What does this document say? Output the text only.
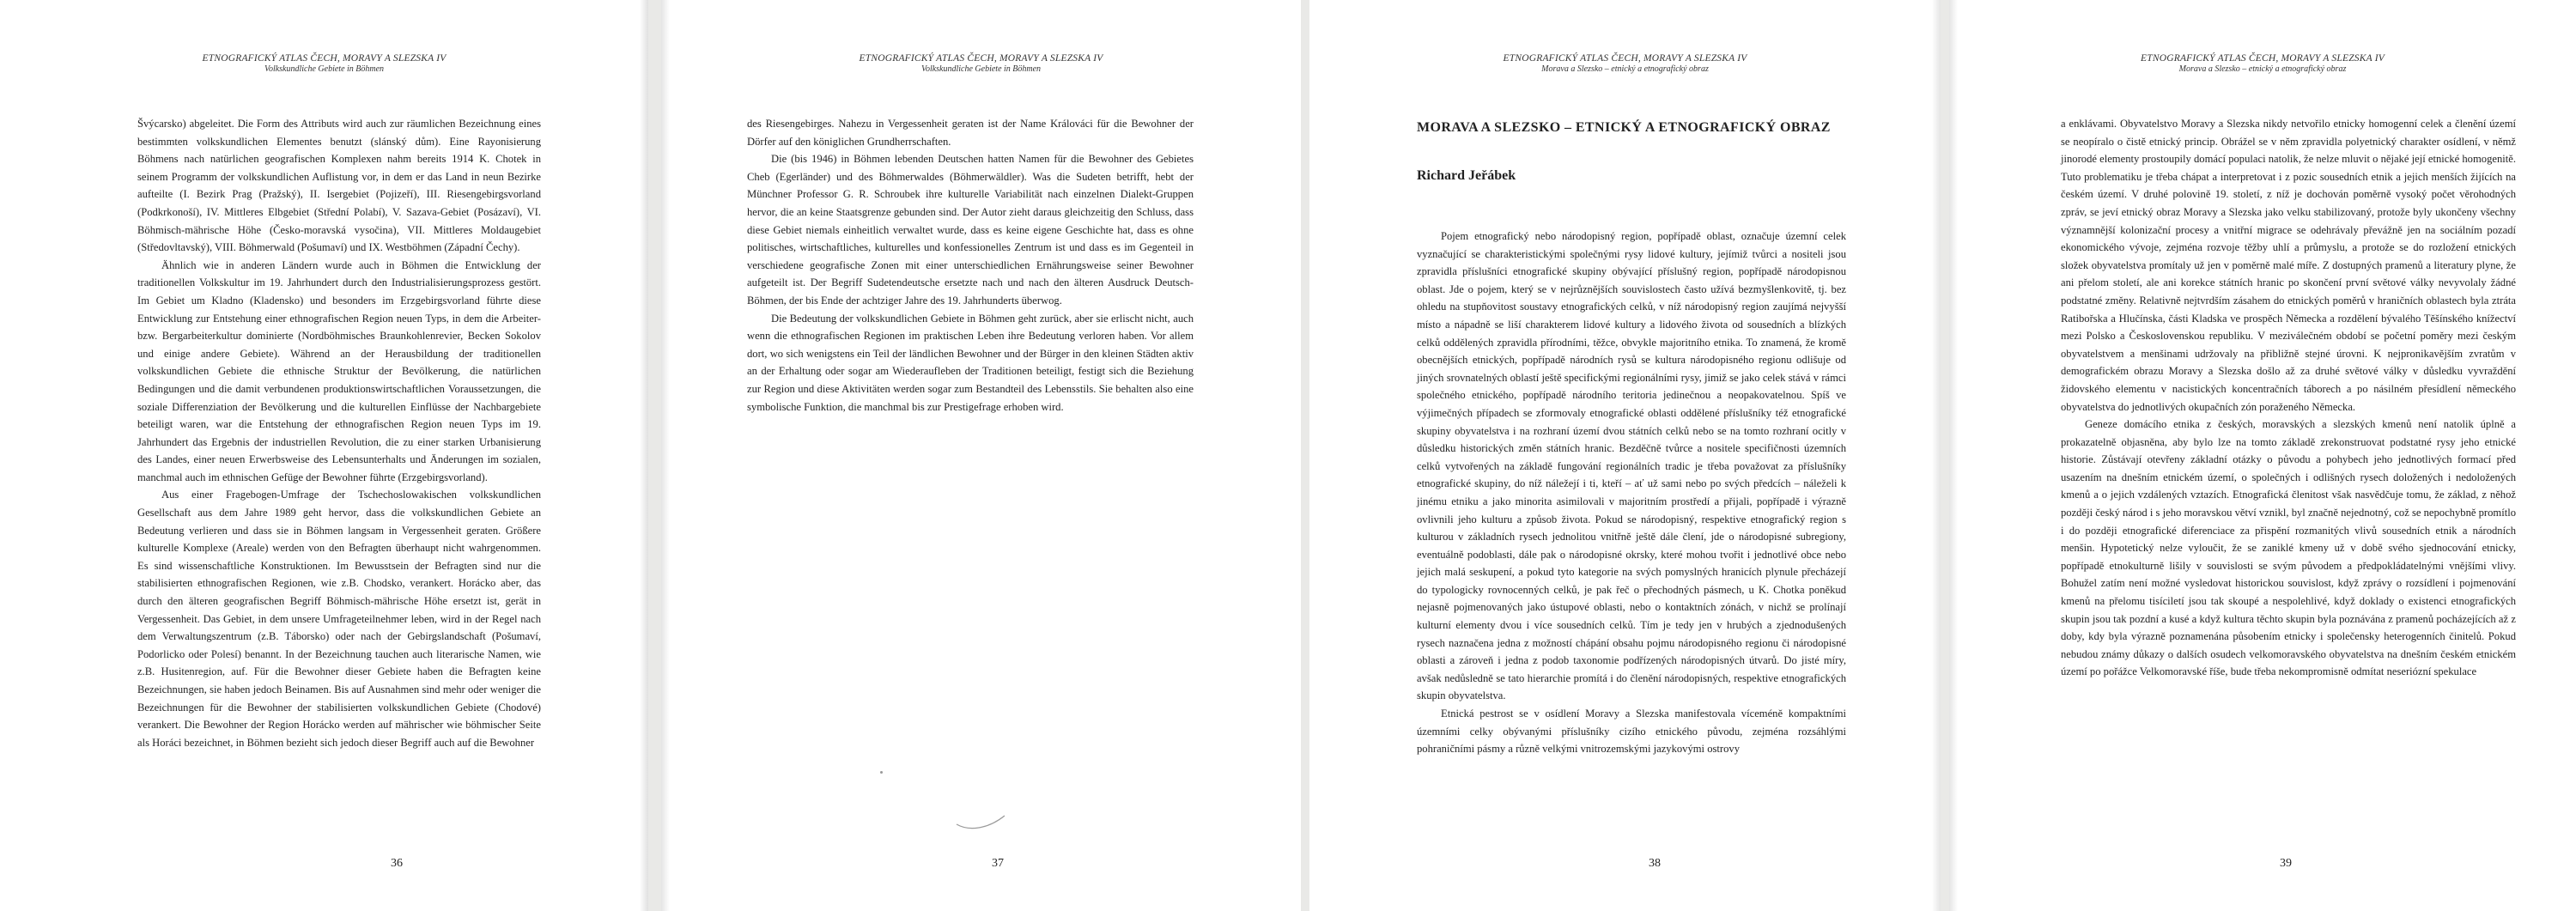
ETNOGRAFICKÝ ATLAS ČECH, MORAVY A SLEZSKA IV
Volkskundliche Gebiete in Böhmen

Švýcarsko) abgeleitet. Die Form des Attributs wird auch zur räumlichen Bezeichnung eines bestimmten volkskundlichen Elementes benutzt (slánský dům). Eine Rayonisierung Böhmens nach natürlichen geografischen Komplexen nahm bereits 1914 K. Chotek in seinem Programm der volkskundlichen Auflistung vor, in dem er das Land in neun Bezirke aufteilte (I. Bezirk Prag (Pražský), II. Isergebiet (Pojizeří), III. Riesengebirgsvorland (Podkrkonoší), IV. Mittleres Elbgebiet (Střední Polabí), V. Sazava-Gebiet (Posázaví), VI. Böhmisch-mährische Höhe (Česko-moravská vysočina), VII. Mittleres Moldaugebiet (Středovltavský), VIII. Böhmerwald (Pošumaví) und IX. Westböhmen (Západní Čechy).

Ähnlich wie in anderen Ländern wurde auch in Böhmen die Entwicklung der traditionellen Volkskultur im 19. Jahrhundert durch den Industrialisierungsprozess gestört. Im Gebiet um Kladno (Kladensko) und besonders im Erzgebirgsvorland führte diese Entwicklung zur Entstehung einer ethnografischen Region neuen Typs, in dem die Arbeiter- bzw. Bergarbeiterkultur dominierte (Nordböhmisches Braunkohlenrevier, Becken Sokolov und einige andere Gebiete). Während an der Herausbildung der traditionellen volkskundlichen Gebiete die ethnische Struktur der Bevölkerung, die natürlichen Bedingungen und die damit verbundenen produktionswirtschaftlichen Voraussetzungen, die soziale Differenziation der Bevölkerung und die kulturellen Einflüsse der Nachbargebiete beteiligt waren, war die Entstehung der ethnografischen Region neuen Typs im 19. Jahrhundert das Ergebnis der industriellen Revolution, die zu einer starken Urbanisierung des Landes, einer neuen Erwerbsweise des Lebensunterhalts und Änderungen im sozialen, manchmal auch im ethnischen Gefüge der Bewohner führte (Erzgebirgsvorland).

Aus einer Fragebogen-Umfrage der Tschechoslowakischen volkskundlichen Gesellschaft aus dem Jahre 1989 geht hervor, dass die volkskundlichen Gebiete an Bedeutung verlieren und dass sie in Böhmen langsam in Vergessenheit geraten. Größere kulturelle Komplexe (Areale) werden von den Befragten überhaupt nicht wahrgenommen. Es sind wissenschaftliche Konstruktionen. Im Bewusstsein der Befragten sind nur die stabilisierten ethnografischen Regionen, wie z.B. Chodsko, verankert. Horácko aber, das durch den älteren geografischen Begriff Böhmisch-mährische Höhe ersetzt ist, gerät in Vergessenheit. Das Gebiet, in dem unsere Umfrageteilnehmer leben, wird in der Regel nach dem Verwaltungszentrum (z.B. Táborsko) oder nach der Gebirgslandschaft (Pošumaví, Podorlicko oder Polesí) benannt. In der Bezeichnung tauchen auch literarische Namen, wie z.B. Husitenregion, auf. Für die Bewohner dieser Gebiete haben die Befragten keine Bezeichnungen, sie haben jedoch Beinamen. Bis auf Ausnahmen sind mehr oder weniger die Bezeichnungen für die Bewohner der stabilisierten volkskundlichen Gebiete (Chodové) verankert. Die Bewohner der Region Horácko werden auf mährischer wie böhmischer Seite als Horáci bezeichnet, in Böhmen bezieht sich jedoch dieser Begriff auch auf die Bewohner

36
ETNOGRAFICKÝ ATLAS ČECH, MORAVY A SLEZSKA IV
Volkskundliche Gebiete in Böhmen

des Riesengebirges. Nahezu in Vergessenheit geraten ist der Name Králováci für die Bewohner der Dörfer auf den königlichen Grundherrschaften.

Die (bis 1946) in Böhmen lebenden Deutschen hatten Namen für die Bewohner des Gebietes Cheb (Egerländer) und des Böhmerwaldes (Böhmerwäldler). Was die Sudeten betrifft, hebt der Münchner Professor G. R. Schroubek ihre kulturelle Variabilität nach einzelnen Dialekt-Gruppen hervor, die an keine Staatsgrenze gebunden sind. Der Autor zieht daraus gleichzeitig den Schluss, dass diese Gebiet niemals einheitlich verwaltet wurde, dass es keine eigene Geschichte hat, dass es ohne politisches, wirtschaftliches, kulturelles und konfessionelles Zentrum ist und dass es im Gegenteil in verschiedene geografische Zonen mit einer unterschiedlichen Ernährungsweise seiner Bewohner aufgeteilt ist. Der Begriff Sudetendeutsche ersetzte nach und nach den älteren Ausdruck Deutsch-Böhmen, der bis Ende der achtziger Jahre des 19. Jahrhunderts überwog.

Die Bedeutung der volkskundlichen Gebiete in Böhmen geht zurück, aber sie erlischt nicht, auch wenn die ethnografischen Regionen im praktischen Leben ihre Bedeutung verloren haben. Vor allem dort, wo sich wenigstens ein Teil der ländlichen Bewohner und der Bürger in den kleinen Städten aktiv an der Erhaltung oder sogar am Wiederaufleben der Traditionen beteiligt, festigt sich die Beziehung zur Region und diese Aktivitäten werden sogar zum Bestandteil des Lebensstils. Sie behalten also eine symbolische Funktion, die manchmal bis zur Prestigefrage erhoben wird.

37
ETNOGRAFICKÝ ATLAS ČECH, MORAVY A SLEZSKA IV
Morava a Slezsko – etnický a etnografický obraz
MORAVA A SLEZSKO – ETNICKÝ A ETNOGRAFICKÝ OBRAZ
Richard Jeřábek

Pojem etnografický nebo národopisný region, popřípadě oblast, označuje územní celek vyznačující se charakteristickými společnými rysy lidové kultury, jejímiž tvůrci a nositeli jsou zpravidla příslušníci etnografické skupiny obývající příslušný region, popřípadě národopisnou oblast. Jde o pojem, který se v nejrůznějších souvislostech často užívá bezmyšlenkovitě, tj. bez ohledu na stupňovitost soustavy etnografických celků, v níž národopisný region zaujímá nejvyšší místo a nápadně se liší charakterem lidové kultury a lidového života od sousedních a blízkých celků oddělených zpravidla přírodními, těžce, obvykle majoritního etnika. To znamená, že kromě obecnějších etnických, popřípadě národních rysů se kultura národopisného regionu odlišuje od jiných srovnatelných oblastí ještě specifickými regionálními rysy, jimiž se jako celek stává v rámci společného etnického, popřípadě národního teritoria jedinečnou a neopakovatelnou. Spíš ve výjimečných případech se zformovaly etnografické oblasti oddělené příslušníky též etnografické skupiny obyvatelstva i na rozhraní území dvou státních celků nebo se na tomto rozhraní ocitly v důsledku historických změn státních hranic. Bezděčně tvůrce a nositele specifičnosti územních celků vytvořených na základě fungování regionálních tradic je třeba považovat za příslušníky etnografické skupiny, do níž náležejí i ti, kteří – ať už sami nebo po svých předcích – náleželi k jinému etniku a jako minorita asimilovali v majoritním prostředí a přijali, popřípadě i výrazně ovlivnili jeho kulturu a způsob života. Pokud se národopisný, respektive etnografický region s kulturou v základních rysech jednolitou vnitřně ještě dále člení, jde o národopisné subregiony, eventuálně podoblasti, dále pak o národopisné okrsky, které mohou tvořit i jednotlivé obce nebo jejich malá seskupení, a pokud tyto kategorie na svých pomyslných hranicích plynule přecházejí do typologicky rovnocenných celků, je pak řeč o přechodných pásmech, u K. Chotka poněkud nejasně pojmenovaných jako ústupové oblasti, nebo o kontaktních zónách, v nichž se prolínají kulturní elementy dvou i více sousedních celků. Tím je tedy jen v hrubých a zjednodušených rysech naznačena jedna z možností chápání obsahu pojmu národopisného regionu či národopisné oblasti a zároveň i jedna z podob taxonomie podřízených národopisných útvarů. Do jisté míry, avšak nedůsledně se tato hierarchie promítá i do členění národopisných, respektive etnografických skupin obyvatelstva.

Etnická pestrost se v osídlení Moravy a Slezska manifestovala víceméně kompaktními územními celky obývanými příslušníky cizího etnického původu, zejména rozsáhlými pohraničními pásmy a různě velkými vnitrozemskými jazykovými ostrovy

38
ETNOGRAFICKÝ ATLAS ČECH, MORAVY A SLEZSKA IV
Morava a Slezsko – etnický a etnografický obraz

a enklávami. Obyvatelstvo Moravy a Slezska nikdy netvořilo etnicky homogenní celek a členění území se neopíralo o čistě etnický princip. Obrážel se v něm zpravidla polyetnický charakter osídlení, v němž jinorodé elementy prostoupily domácí populaci natolik, že nelze mluvit o nějaké její etnické homogenitě. Tuto problematiku je třeba chápat a interpretovat i z pozic sousedních etnik a jejich menších žijících na českém území. V druhé polovině 19. století, z níž je dochován poměrně vysoký počet věrohodných zpráv, se jeví etnický obraz Moravy a Slezska jako velku stabilizovaný, protože byly ukončeny všechny významnější kolonizační procesy a vnitřní migrace se odehrávaly převážně jen na sociálním pozadí ekonomického vývoje, zejména rozvoje těžby uhlí a průmyslu, a protože se do rozložení etnických složek obyvatelstva promítaly už jen v poměrně malé míře. Z dostupných pramenů a literatury plyne, že ani přelom století, ale ani korekce státních hranic po skončení první světové války nevyvolaly žádné podstatné změny. Relativně nejtvrdším zásahem do etnických poměrů v hraničních oblastech byla ztráta Ratibořska a Hlučínska, části Kladska ve prospěch Německa a rozdělení bývalého Těšínského knížectví mezi Polsko a Československou republiku. V meziválečném období se početní poměry mezi českým obyvatelstvem a menšinami udržovaly na přibližně stejné úrovni. K nejpronikavějším zvratům v demografickém obrazu Moravy a Slezska došlo až za druhé světové války v důsledku vyvraždění židovského elementu v nacistických koncentračních táborech a po násilném přesídlení německého obyvatelstva do jednotlivých okupačních zón poraženého Německa.

Geneze domácího etnika z českých, moravských a slezských kmenů není natolik úplně a prokazatelně objasněna, aby bylo lze na tomto základě zrekonstruovat podstatné rysy jeho etnické historie. Zůstávají otevřeny základní otázky o původu a pohybech jeho jednotlivých formací před usazením na dnešním etnickém území, o společných i odlišných rysech doložených i nedoložených kmenů a o jejich vzdálených vztazích. Etnografická členitost však nasvědčuje tomu, že základ, z něhož později český národ i s jeho moravskou větví vznikl, byl značně nejednotný, což se nepochybně promítlo i do později etnografické diferenciace za přispění rozmanitých vlivů sousedních etnik a národních menšin. Hypotetický nelze vyloučit, že se zaniklé kmeny už v době svého sjednocování etnicky, popřípadě etnokulturně lišily v souvislosti se svým původem a předpokládatelnými vnějšími vlivy. Bohužel zatím není možné vysledovat historickou souvislost, když zprávy o rozsídlení i pojmenování kmenů na přelomu tisíciletí jsou tak skoupé a nespolehlivé, když doklady o existenci etnografických skupin jsou tak pozdní a kusé a když kultura těchto skupin byla poznávána z pramenů pocházejících až z doby, kdy byla výrazně poznamenána působením etnicky i společensky heterogenních činitelů. Pokud nebudou známy důkazy o dalších osudech velkomoravského obyvatelstva na dnešním českém etnickém území po pořážce Velkomoravské říše, bude třeba nekompromisně odmítat neseriózní spekulace

39
